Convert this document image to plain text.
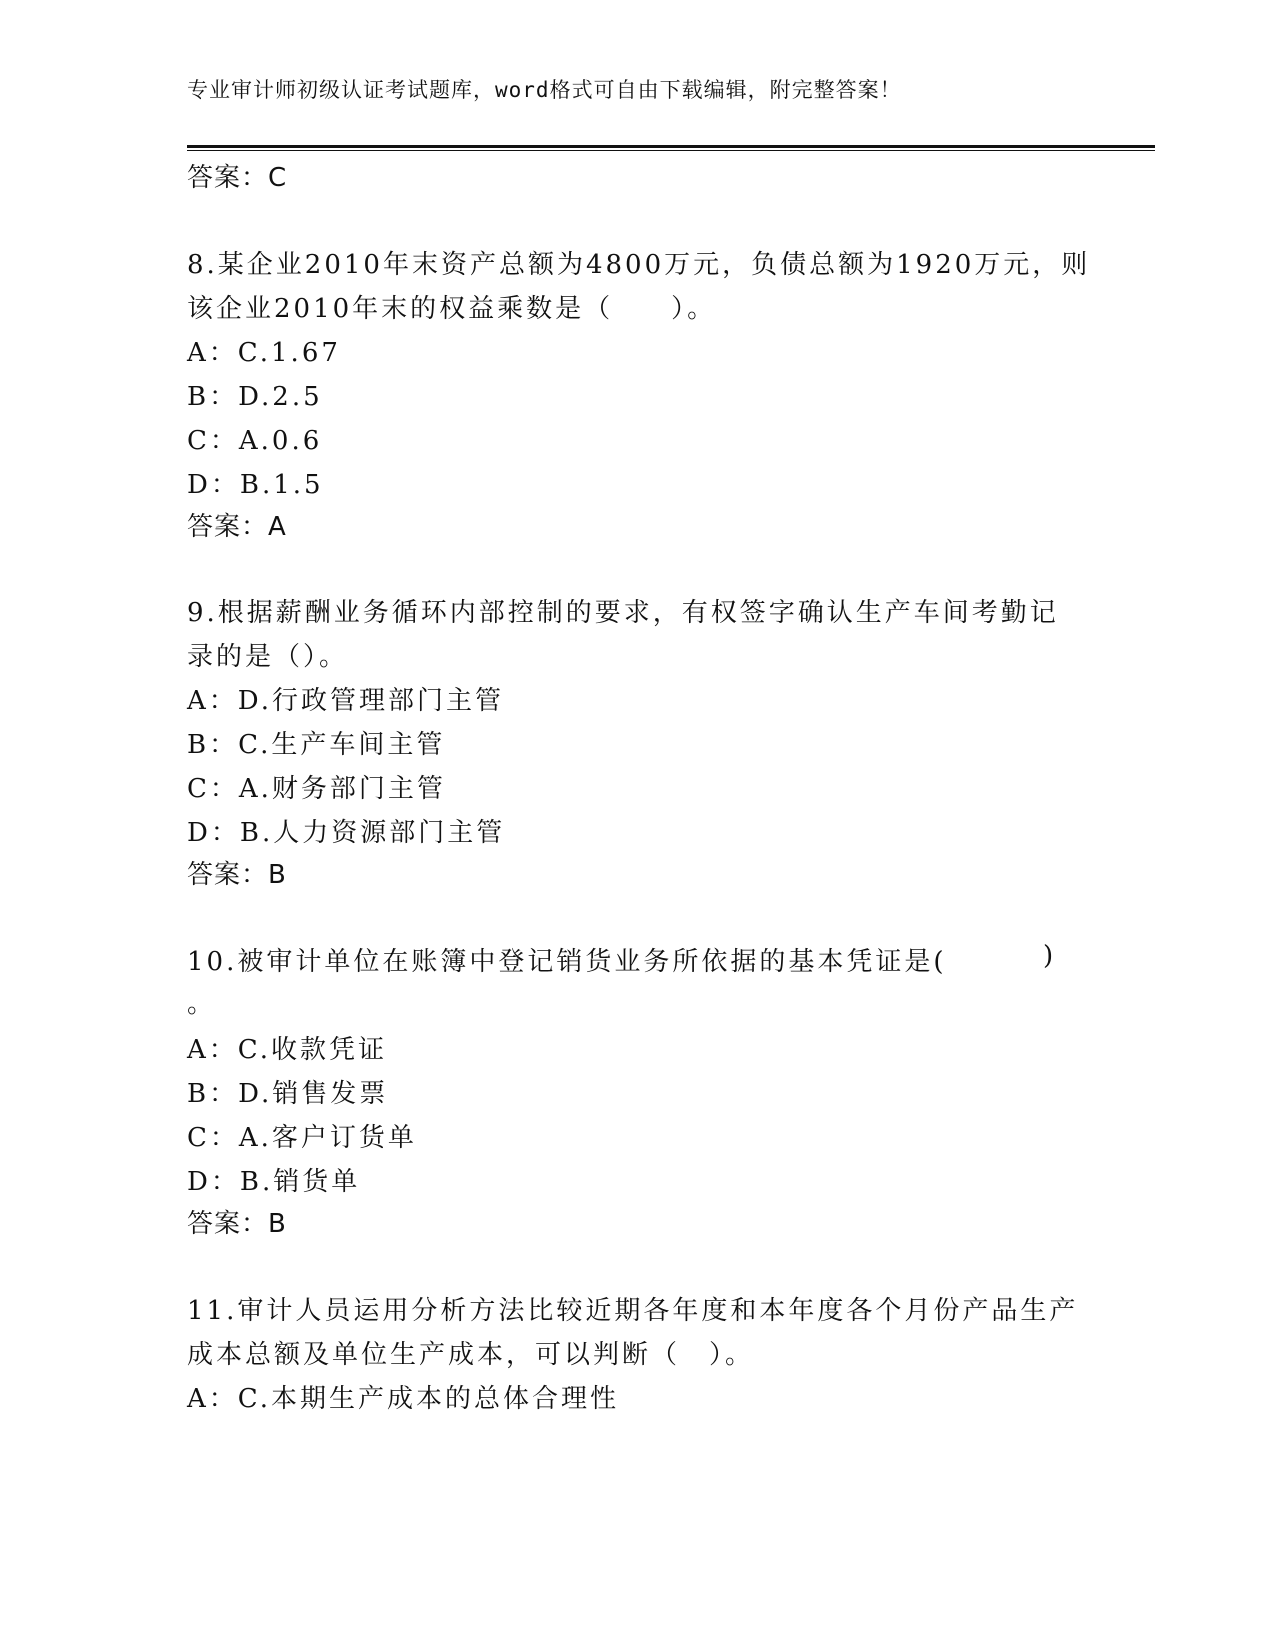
专业审计师初级认证考试题库，word格式可自由下载编辑，附完整答案！
答案：C
8.某企业2010年末资产总额为4800万元，负债总额为1920万元，则
该企业2010年末的权益乘数是（　　）。
A：C.1.67
B：D.2.5
C：A.0.6
D：B.1.5
答案：A
9.根据薪酬业务循环内部控制的要求，有权签字确认生产车间考勤记
录的是（）。
A：D.行政管理部门主管
B：C.生产车间主管
C：A.财务部门主管
D：B.人力资源部门主管
答案：B
10.被审计单位在账簿中登记销货业务所依据的基本凭证是(	)
。
A：C.收款凭证
B：D.销售发票
C：A.客户订货单
D：B.销货单
答案：B
11.审计人员运用分析方法比较近期各年度和本年度各个月份产品生产
成本总额及单位生产成本，可以判断（　）。
A：C.本期生产成本的总体合理性
